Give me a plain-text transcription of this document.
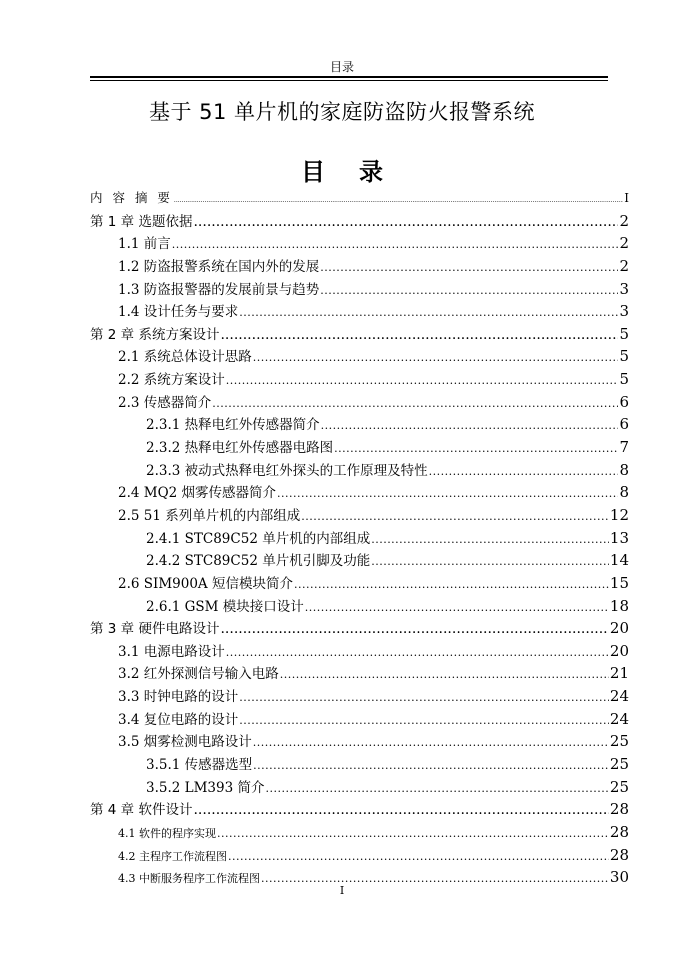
目录
基于 51 单片机的家庭防盗防火报警系统
目 录
内 容 摘 要 .....	I
第 1 章 选题依据 .....	2
1.1 前言 .....	2
1.2 防盗报警系统在国内外的发展 .....	2
1.3 防盗报警器的发展前景与趋势 .....	3
1.4 设计任务与要求 .....	3
第 2 章 系统方案设计 .....	5
2.1 系统总体设计思路 .....	5
2.2 系统方案设计 .....	5
2.3 传感器简介 .....	6
2.3.1 热释电红外传感器简介 .....	6
2.3.2 热释电红外传感器电路图 .....	7
2.3.3 被动式热释电红外探头的工作原理及特性 .....	8
2.4 MQ2 烟雾传感器简介 .....	8
2.5 51 系列单片机的内部组成 .....	12
2.4.1 STC89C52 单片机的内部组成 .....	13
2.4.2 STC89C52 单片机引脚及功能 .....	14
2.6 SIM900A 短信模块简介 .....	15
2.6.1 GSM 模块接口设计 .....	18
第 3 章 硬件电路设计 .....	20
3.1 电源电路设计 .....	20
3.2 红外探测信号输入电路 .....	21
3.3 时钟电路的设计 .....	24
3.4 复位电路的设计 .....	24
3.5 烟雾检测电路设计 .....	25
3.5.1 传感器选型 .....	25
3.5.2 LM393 简介 .....	25
第 4 章 软件设计 .....	28
4.1 软件的程序实现 .....	28
4.2 主程序工作流程图 .....	28
4.3 中断服务程序工作流程图 .....	30
I
